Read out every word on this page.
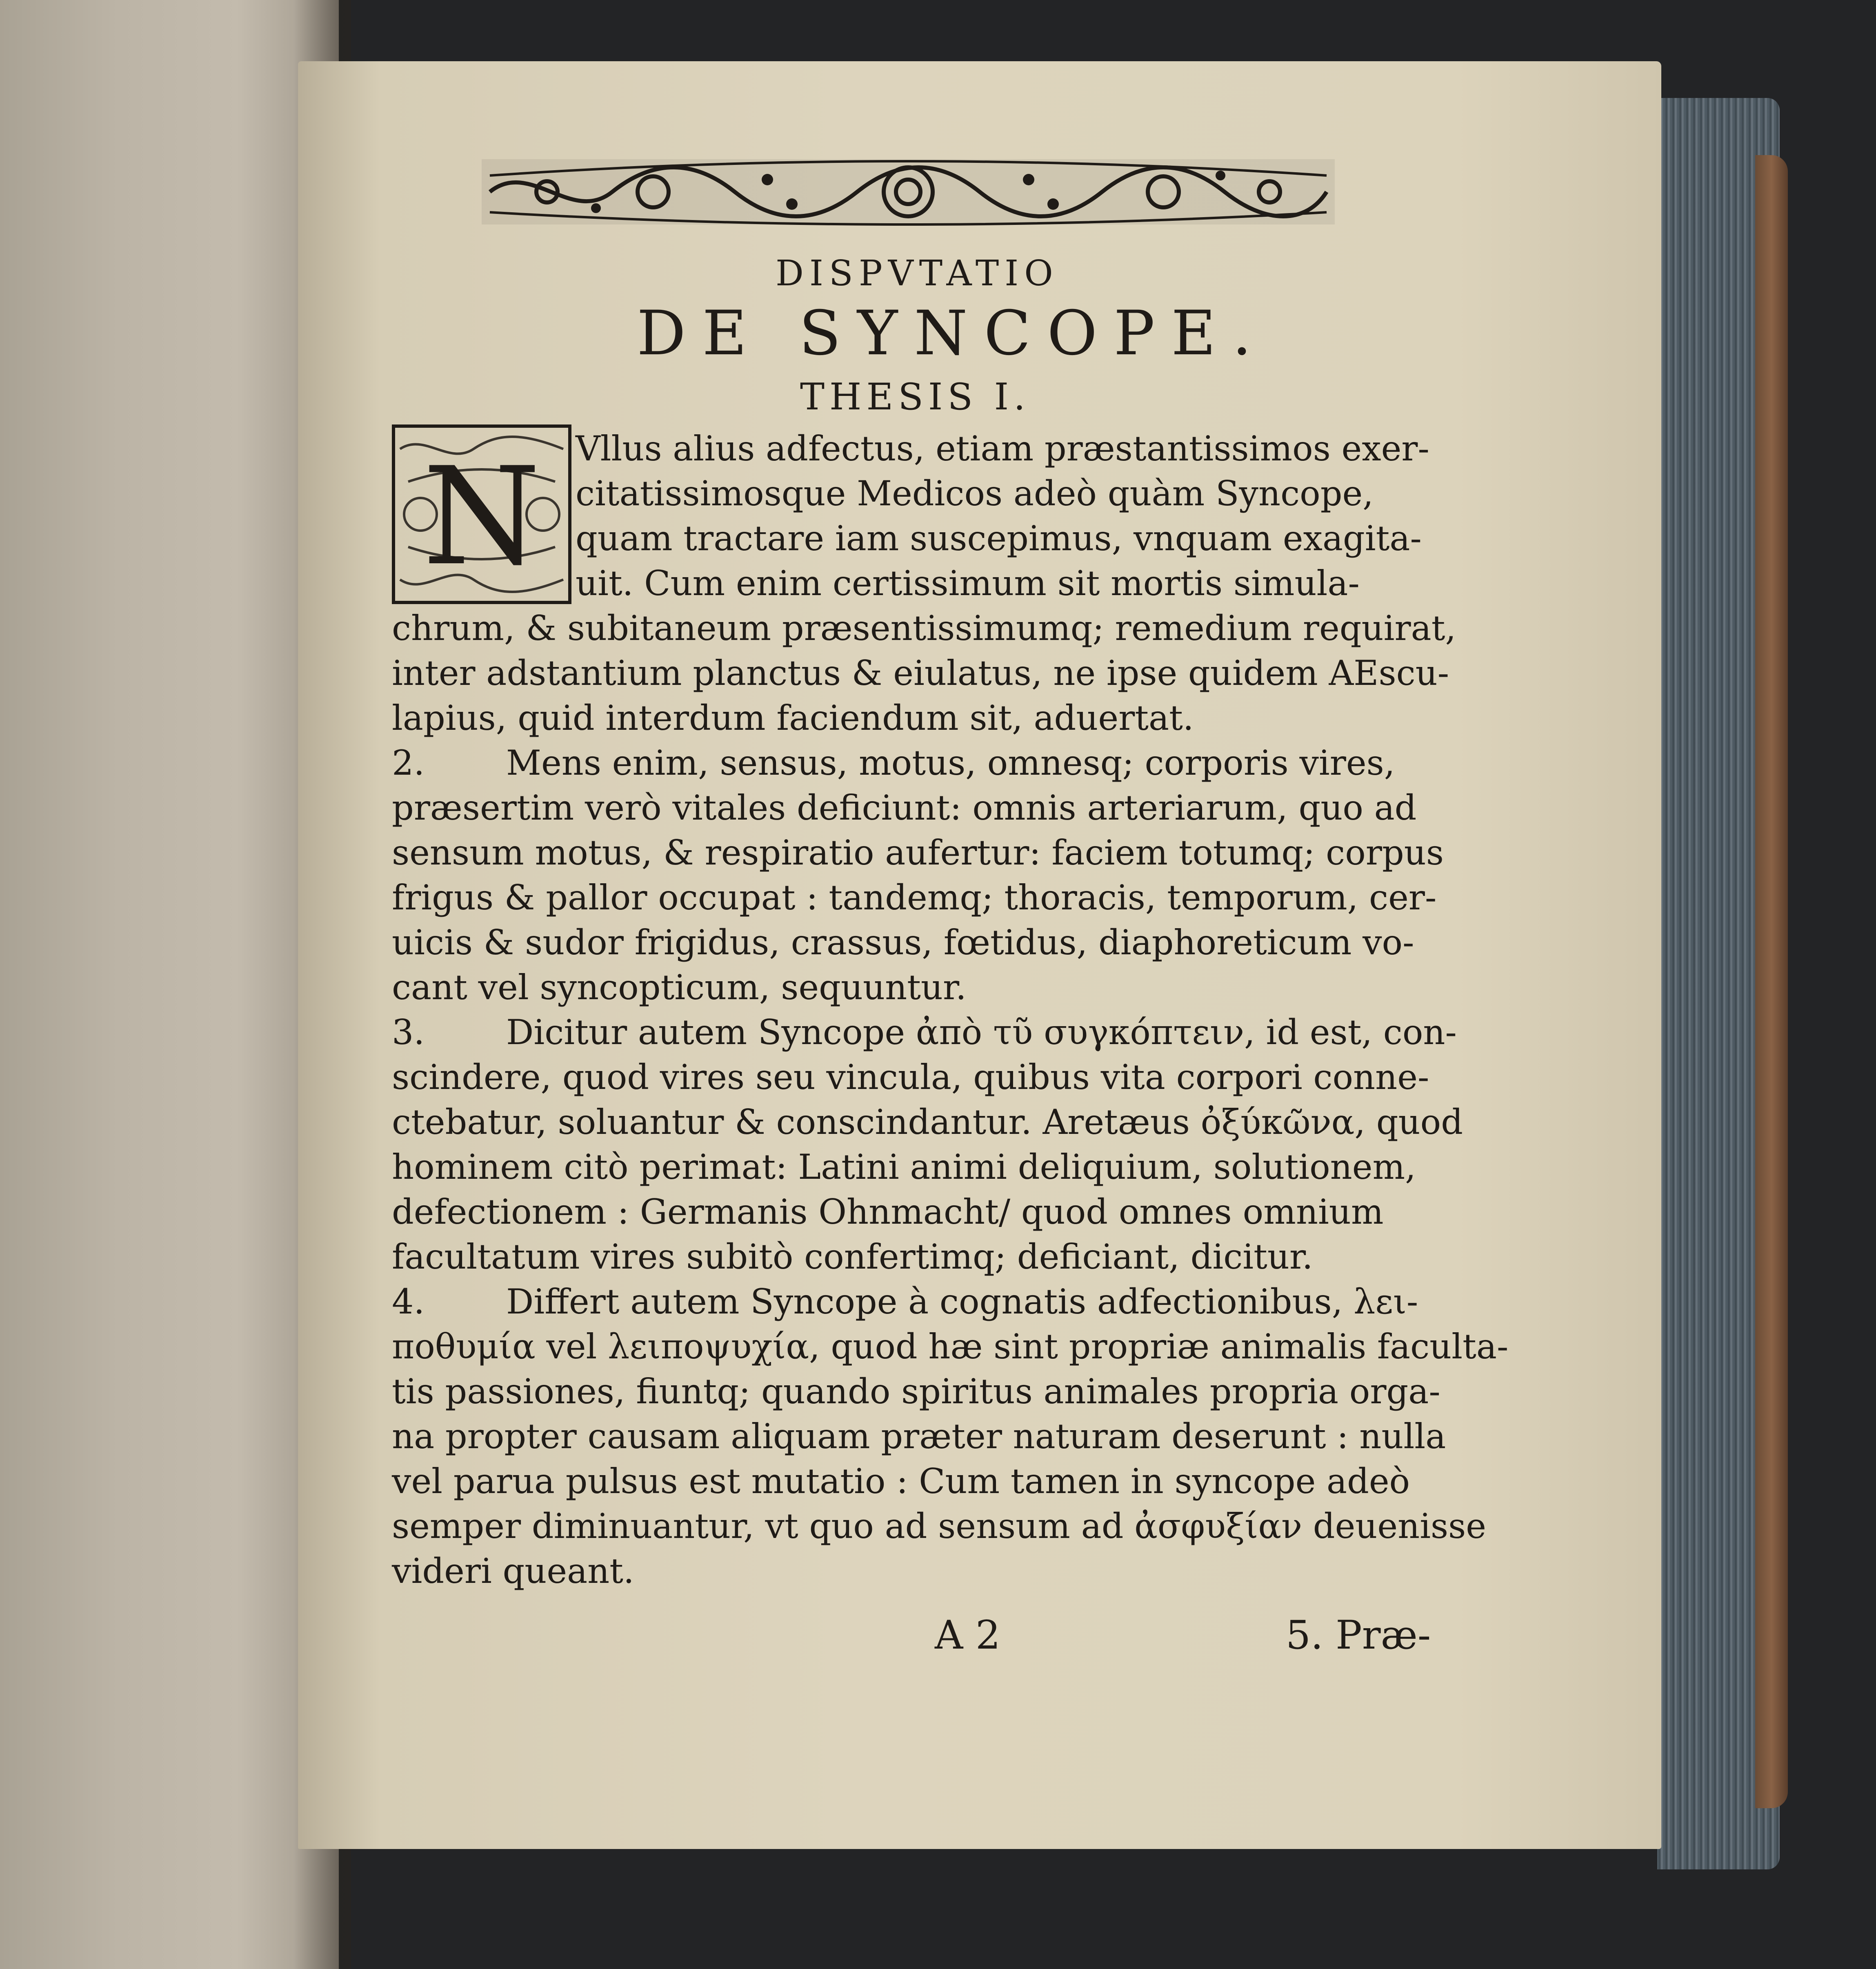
DISPVTATIO
DE SYNCOPE.
THESIS I.
N Vllus alius adfectus, etiam præstantissimos exer-
citatissimosque Medicos adeò quàm Syncope,
quam tractare iam suscepimus, vnquam exagita-
uit. Cum enim certissimum sit mortis simula-
chrum, & subitaneum præsentissimumq; remedium requirat,
inter adstantium planctus & eiulatus, ne ipse quidem AEscu-
lapius, quid interdum faciendum sit, aduertat.
2. Mens enim, sensus, motus, omnesq; corporis vires,
præsertim verò vitales deficiunt: omnis arteriarum, quo ad
sensum motus, & respiratio aufertur: faciem totumq; corpus
frigus & pallor occupat : tandemq; thoracis, temporum, cer-
uicis & sudor frigidus, crassus, fœtidus, diaphoreticum vo-
cant vel syncopticum, sequuntur.
3. Dicitur autem Syncope ἀπὸ τῦ συγκόπτειν, id est, con-
scindere, quod vires seu vincula, quibus vita corpori conne-
ctebatur, soluantur & conscindantur. Aretæus ὀξύκῶνα, quod
hominem citò perimat: Latini animi deliquium, solutionem,
defectionem : Germanis Ohnmacht/ quod omnes omnium
facultatum vires subitò confertimq; deficiant, dicitur.
4. Differt autem Syncope à cognatis adfectionibus, λει-
ποθυμία vel λειποψυχία, quod hæ sint propriæ animalis faculta-
tis passiones, fiuntq; quando spiritus animales propria orga-
na propter causam aliquam præter naturam deserunt : nulla
vel parua pulsus est mutatio : Cum tamen in syncope adeò
semper diminuantur, vt quo ad sensum ad ἀσφυξίαν deuenisse
videri queant.
A 2	5. Præ-
